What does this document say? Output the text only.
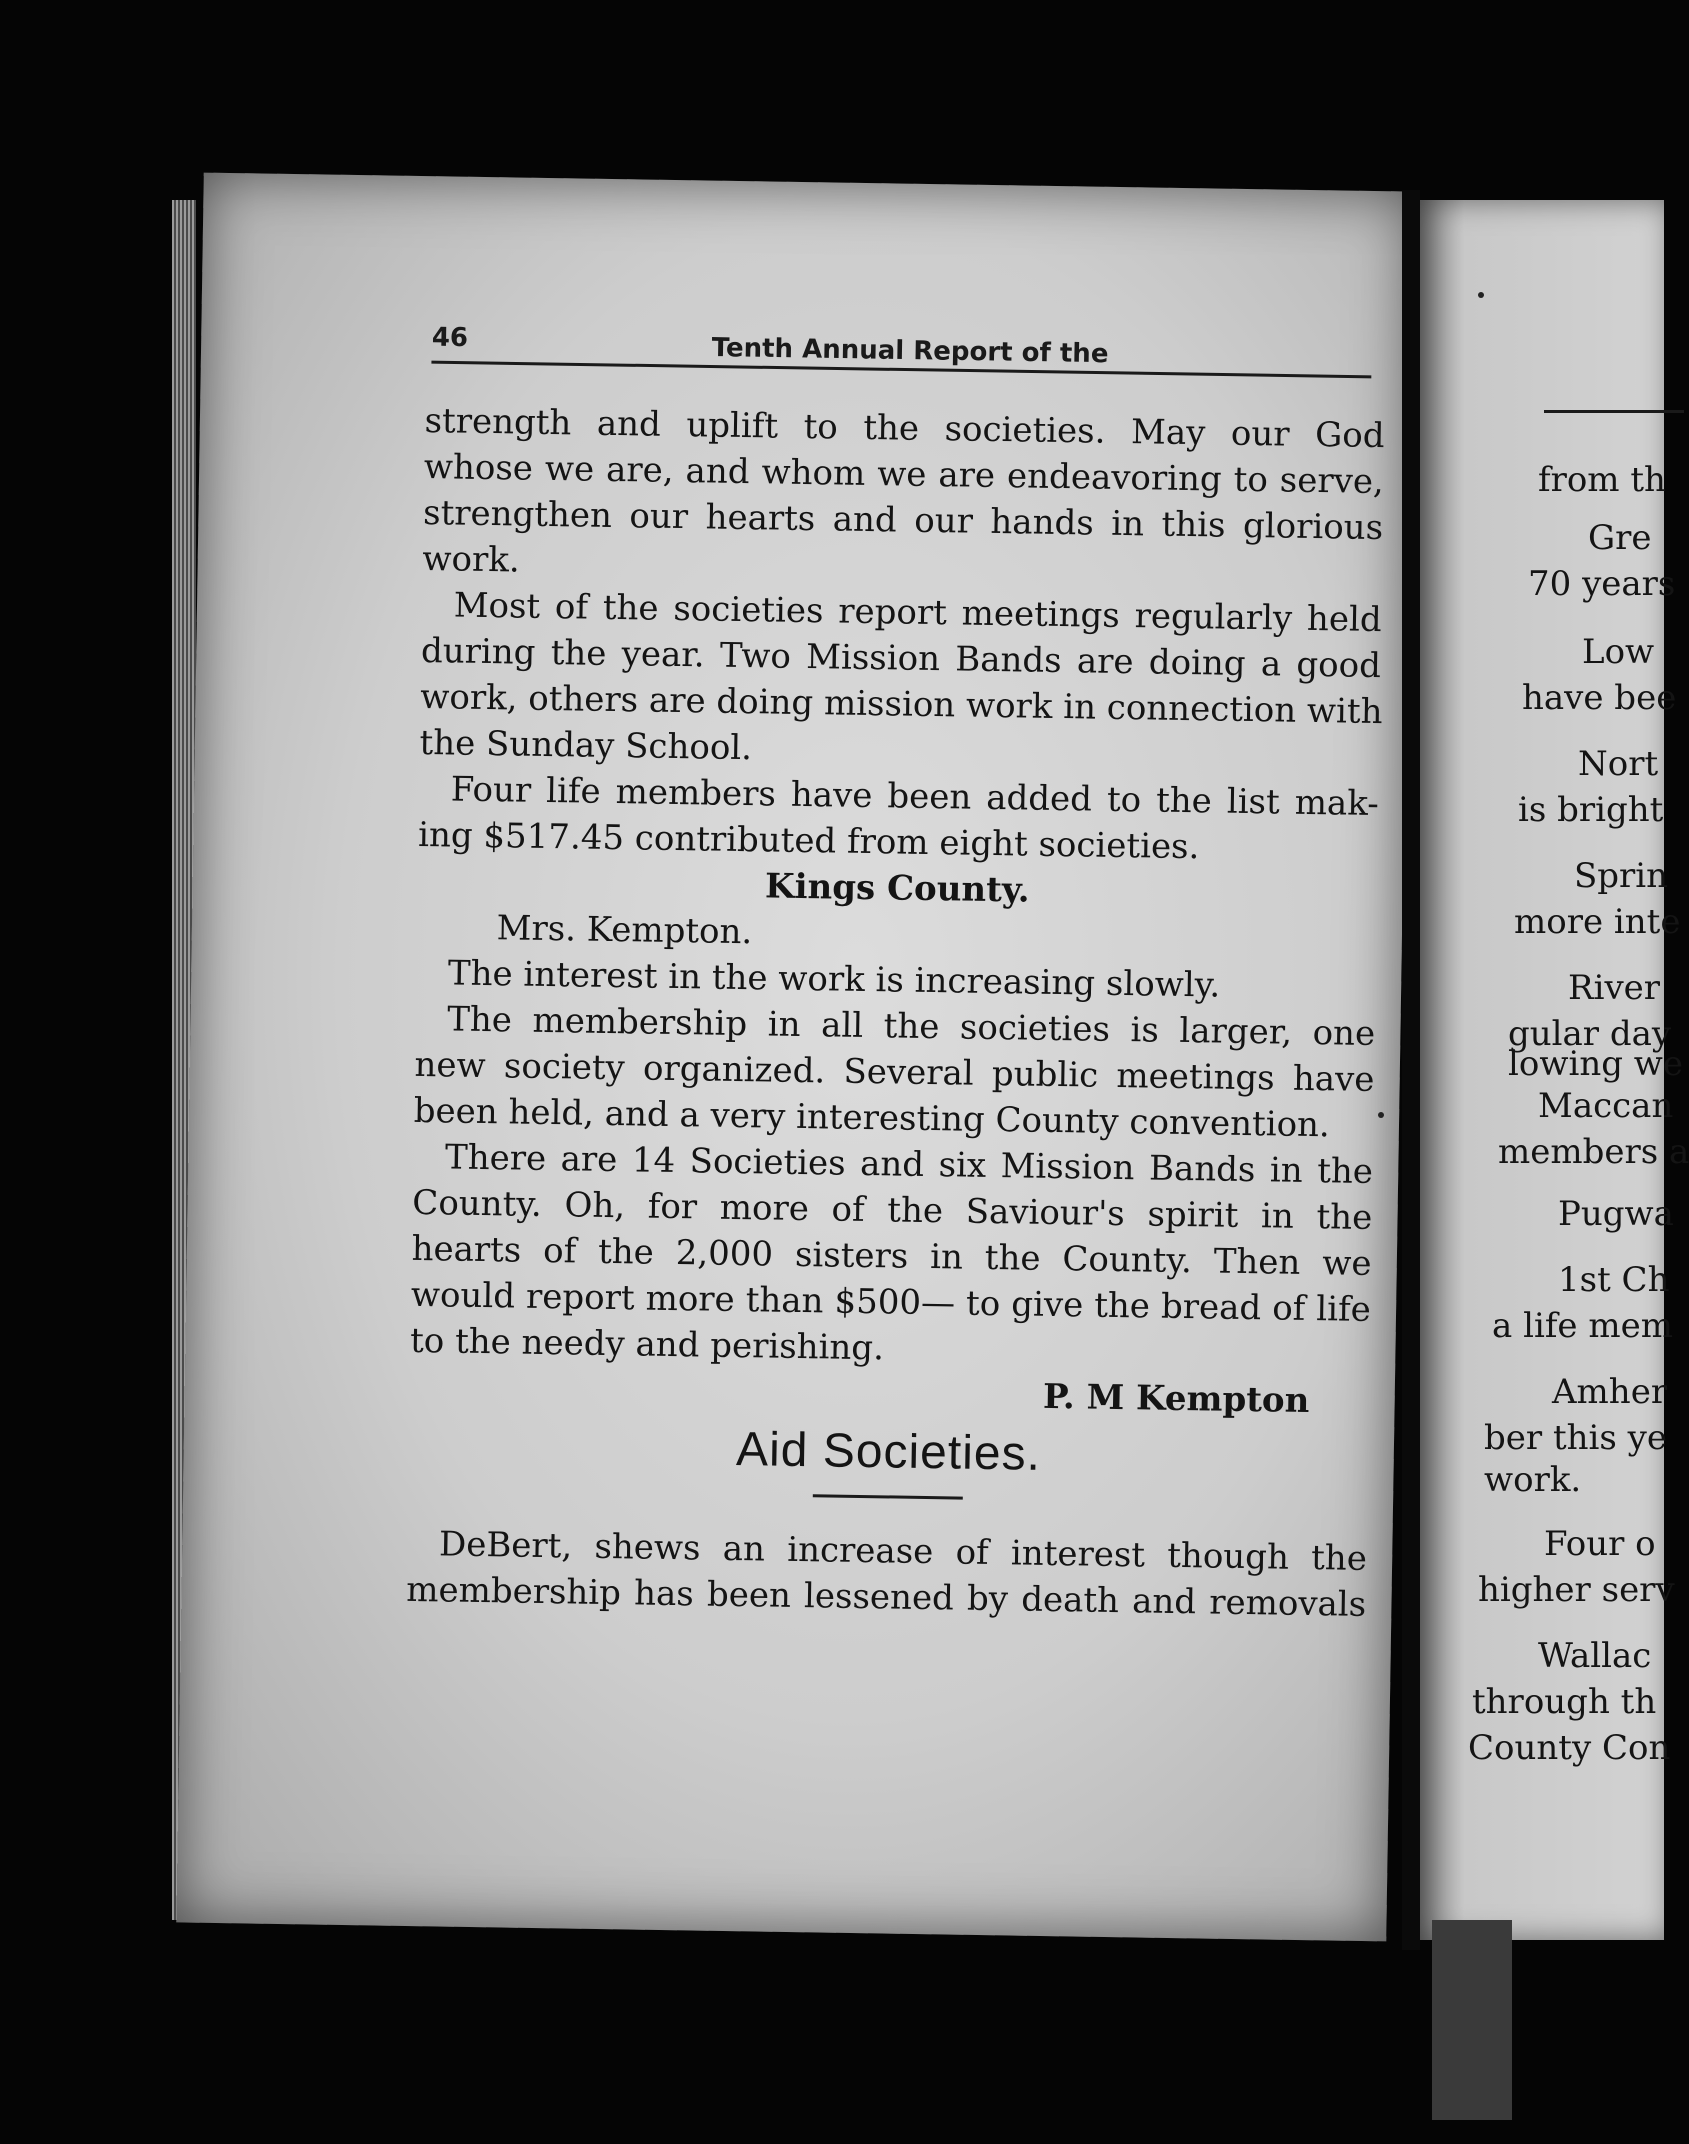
46	Tenth Annual Report of the
strength and uplift to the societies. May our God
whose we are, and whom we are endeavoring to serve,
strengthen our hearts and our hands in this glorious
work.
Most of the societies report meetings regularly held
during the year. Two Mission Bands are doing a good
work, others are doing mission work in connection with
the Sunday School.
Four life members have been added to the list mak-
ing $517.45 contributed from eight societies.
Kings County.
Mrs. Kempton.
The interest in the work is increasing slowly.
The membership in all the societies is larger, one
new society organized. Several public meetings have
been held, and a very interesting County convention.
There are 14 Societies and six Mission Bands in the
County. Oh, for more of the Saviour's spirit in the
hearts of the 2,000 sisters in the County. Then we
would report more than $500— to give the bread of life
to the needy and perishing.
P. M Kempton
Aid Societies.
DeBert, shews an increase of interest though the
membership has been lessened by death and removals
from th
Gre
70 years
Low
have bee
Nort
is bright
Sprin
more inte
River
gular day
lowing we
Maccan
members a
Pugwa
1st Ch
a life mem
Amher
ber this ye
work.
Four o
higher serv
Wallac
through th
County Con
